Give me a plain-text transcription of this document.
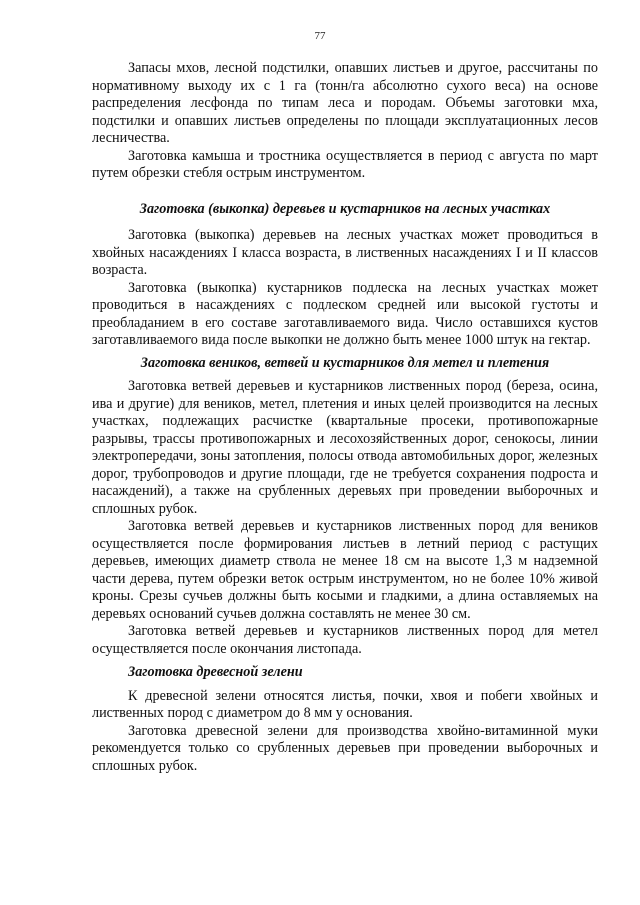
77

Запасы мхов, лесной подстилки, опавших листьев и другое, рассчитаны по нормативному выходу их с 1 га (тонн/га абсолютно сухого веса) на основе распределения лесфонда по типам леса и породам. Объемы заготовки мха, подстилки и опавших листьев определены по площади эксплуатационных лесов лесничества.

Заготовка камыша и тростника осуществляется в период с августа по март путем обрезки стебля острым инструментом.

Заготовка (выкопка) деревьев и кустарников на лесных участках

Заготовка (выкопка) деревьев на лесных участках может проводиться в хвойных насаждениях I класса возраста, в лиственных насаждениях I и II классов возраста.

Заготовка (выкопка) кустарников подлеска на лесных участках может проводиться в насаждениях с подлеском средней или высокой густоты и преобладанием в его составе заготавливаемого вида. Число оставшихся кустов заготавливаемого вида после выкопки не должно быть менее 1000 штук на гектар.

Заготовка веников, ветвей и кустарников для метел и плетения

Заготовка ветвей деревьев и кустарников лиственных пород (береза, осина, ива и другие) для веников, метел, плетения и иных целей производится на лесных участках, подлежащих расчистке (квартальные просеки, противопожарные разрывы, трассы противопожарных и лесохозяйственных дорог, сенокосы, линии электропередачи, зоны затопления, полосы отвода автомобильных дорог, железных дорог, трубопроводов и другие площади, где не требуется сохранения подроста и насаждений), а также на срубленных деревьях при проведении выборочных и сплошных рубок.

Заготовка ветвей деревьев и кустарников лиственных пород для веников осуществляется после формирования листьев в летний период с растущих деревьев, имеющих диаметр ствола не менее 18 см на высоте 1,3 м надземной части дерева, путем обрезки веток острым инструментом, но не более 10% живой кроны. Срезы сучьев должны быть косыми и гладкими, а длина оставляемых на деревьях оснований сучьев должна составлять не менее 30 см.

Заготовка ветвей деревьев и кустарников лиственных пород для метел осуществляется после окончания листопада.

Заготовка древесной зелени

К древесной зелени относятся листья, почки, хвоя и побеги хвойных и лиственных пород с диаметром до 8 мм у основания.

Заготовка древесной зелени для производства хвойно-витаминной муки рекомендуется только со срубленных деревьев при проведении выборочных и сплошных рубок.
